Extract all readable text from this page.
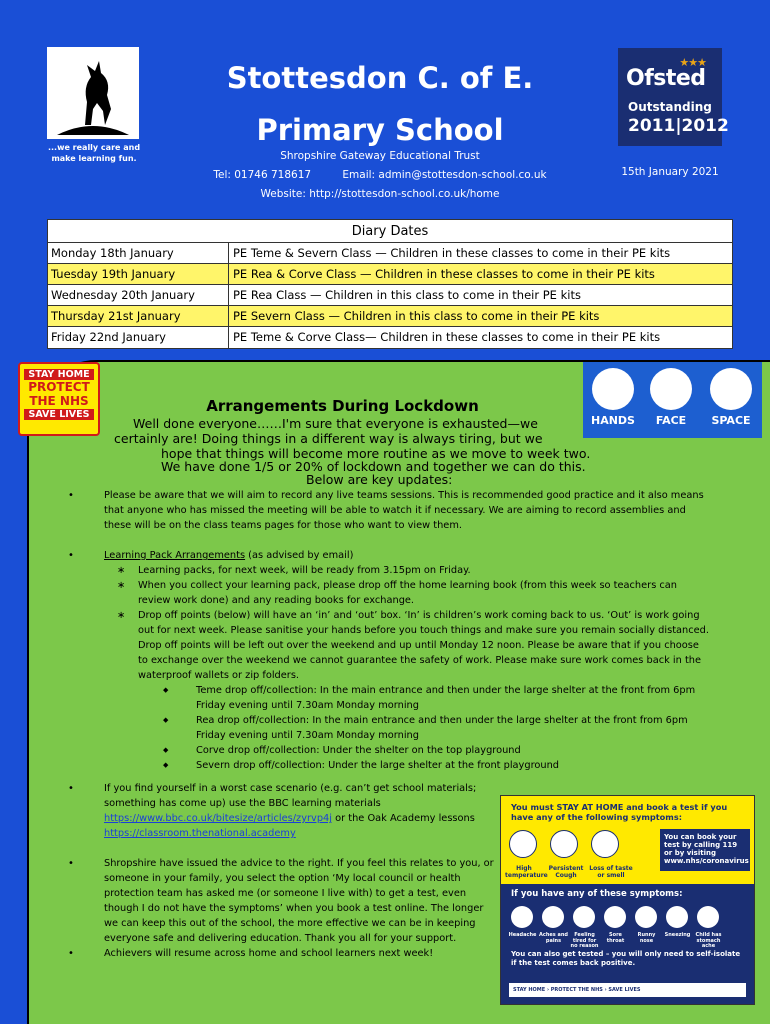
...we really care and make learning fun.
Stottesdon C. of E.
Primary School
Shropshire Gateway Educational Trust
Tel: 01746 718617	Email: admin@stottesdon-school.co.uk
Website: http://stottesdon-school.co.uk/home
★★★
Ofsted
Outstanding
2011|2012
15th January 2021
Diary Dates
Monday 18th January	PE Teme & Severn Class — Children in these classes to come in their PE kits
Tuesday 19th January	PE Rea & Corve Class — Children in these classes to come in their PE kits
Wednesday 20th January	PE Rea Class — Children in this class to come in their PE kits
Thursday 21st January	PE Severn Class — Children in this class to come in their PE kits
Friday 22nd January	PE Teme & Corve Class— Children in these classes to come in their PE kits
STAY HOME
PROTECT
THE NHS
SAVE LIVES	HANDS	FACE	SPACE
Arrangements During Lockdown
Well done everyone……I'm sure that everyone is exhausted—we
certainly are! Doing things in a different way is always tiring, but we
hope that things will become more routine as we move to week two.
We have done 1/5 or 20% of lockdown and together we can do this.
Below are key updates:
• Please be aware that we will aim to record any live teams sessions. This is recommended good practice and it also means that anyone who has missed the meeting will be able to watch it if necessary. We are aiming to record assemblies and these will be on the class teams pages for those who want to view them.
• Learning Pack Arrangements (as advised by email)
∗ Learning packs, for next week, will be ready from 3.15pm on Friday.
∗ When you collect your learning pack, please drop off the home learning book (from this week so teachers can review work done) and any reading books for exchange.
∗ Drop off points (below) will have an ‘in’ and ‘out’ box. ‘In’ is children’s work coming back to us. ‘Out’ is work going out for next week. Please sanitise your hands before you touch things and make sure you remain socially distanced. Drop off points will be left out over the weekend and up until Monday 12 noon. Please be aware that if you choose to exchange over the weekend we cannot guarantee the safety of work. Please make sure work comes back in the waterproof wallets or zip folders.
◆ Teme drop off/collection: In the main entrance and then under the large shelter at the front from 6pm Friday evening until 7.30am Monday morning
◆ Rea drop off/collection: In the main entrance and then under the large shelter at the front from 6pm Friday evening until 7.30am Monday morning
◆ Corve drop off/collection: Under the shelter on the top playground
◆ Severn drop off/collection: Under the large shelter at the front playground
• If you find yourself in a worst case scenario (e.g. can’t get school materials; something has come up) use the BBC learning materials https://www.bbc.co.uk/bitesize/articles/zyrvp4j or the Oak Academy lessons https://classroom.thenational.academy
• Shropshire have issued the advice to the right. If you feel this relates to you, or someone in your family, you select the option ‘My local council or health protection team has asked me (or someone I live with) to get a test, even though I do not have the symptoms’ when you book a test online. The longer we can keep this out of the school, the more effective we can be in keeping everyone safe and delivering education. Thank you all for your support.
• Achievers will resume across home and school learners next week!
You must STAY AT HOME and book a test if you have any of the following symptoms:
High temperature
Persistent Cough
Loss of taste or smell
You can book your test by calling 119 or by visiting www.nhs/coronavirus
If you have any of these symptoms:
Headache Aches and pains
Feeling tired for no reason
Sore throat
Runny nose
Sneezing	Child has stomach ache
You can also get tested – you will only need to self-isolate if the test comes back positive.
STAY HOME › PROTECT THE NHS › SAVE LIVES
